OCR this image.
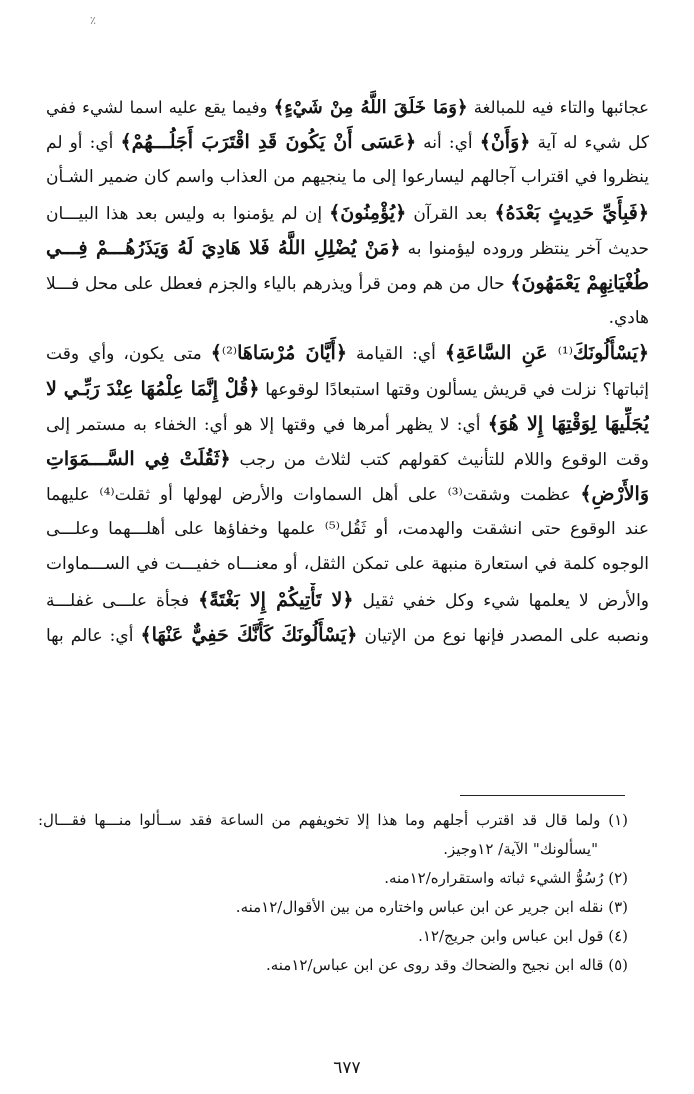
٪
عجائبها والتاء فيه للمبالغة ﴿وَمَا خَلَقَ اللَّهُ مِنْ شَيْءٍ﴾ وفيما يقع عليه اسما لشيء ففي
كل شيء له آية ﴿وَأَنْ﴾ أي: أنه ﴿عَسَى أَنْ يَكُونَ قَدِ اقْتَرَبَ أَجَلُـــهُمْ﴾ أي: أو لم
ينظروا في اقتراب آجالهم ليسارعوا إلى ما ينجيهم من العذاب واسم كان ضمير الشـأن
﴿فَبِأَيِّ حَدِيثٍ بَعْدَهُ﴾ بعد القرآن ﴿يُؤْمِنُونَ﴾ إن لم يؤمنوا به وليس بعد هذا البيـــان
حديث آخر ينتظر وروده ليؤمنوا به ﴿مَنْ يُضْلِلِ اللَّهُ فَلا هَادِيَ لَهُ وَيَذَرُهُـــمْ فِـــي
طُغْيَانِهِمْ يَعْمَهُونَ﴾ حال من هم ومن قرأ ويذرهم بالياء والجزم فعطل على محل فـــلا
هادي.
﴿يَسْأَلُونَكَ⁽¹⁾ عَنِ السَّاعَةِ﴾ أي: القيامة ﴿أَيَّانَ مُرْسَاهَا⁽²⁾﴾ متى يكون، وأي وقت
إثباتها؟ نزلت في قريش يسألون وقتها استبعادًا لوقوعها ﴿قُلْ إِنَّمَا عِلْمُهَا عِنْدَ رَبِّـي لا
يُجَلِّيهَا لِوَقْتِهَا إِلا هُوَ﴾ أي: لا يظهر أمرها في وقتها إلا هو أي: الخفاء به مستمر إلى
وقت الوقوع واللام للتأنيث كقولهم كتب لثلاث من رجب ﴿ثَقُلَتْ فِي السَّـــمَوَاتِ
وَالأَرْضِ﴾ عظمت وشقت⁽³⁾ على أهل السماوات والأرض لهولها أو ثقلت⁽⁴⁾ عليهما
عند الوقوع حتى انشقت والهدمت، أو ثَقُل⁽⁵⁾ علمها وخفاؤها على أهلـــهما وعلـــى
الوجوه كلمة في استعارة منبهة على تمكن الثقل، أو معنـــاه خفيـــت في الســـماوات
والأرض لا يعلمها شيء وكل خفي ثقيل ﴿لا تَأْتِيكُمْ إِلا بَغْتَةً﴾ فجأة علـــى غفلـــة
ونصبه على المصدر فإنها نوع من الإتيان ﴿يَسْأَلُونَكَ كَأَنَّكَ حَفِيٌّ عَنْهَا﴾ أي: عالم بها
(١) ولما قال قد اقترب أجلهم وما هذا إلا تخويفهم من الساعة فقد ســألوا منـــها فقـــال:
"يسألونك" الآية/ ١٢وجيز.
(٢) رُسُوُّ الشيء ثباته واستقراره/١٢منه.
(٣) نقله ابن جرير عن ابن عباس واختاره من بين الأقوال/١٢منه.
(٤) قول ابن عباس وابن جريج/١٢.
(٥) قاله ابن نجيح والضحاك وقد روى عن ابن عباس/١٢منه.
٦٧٧
